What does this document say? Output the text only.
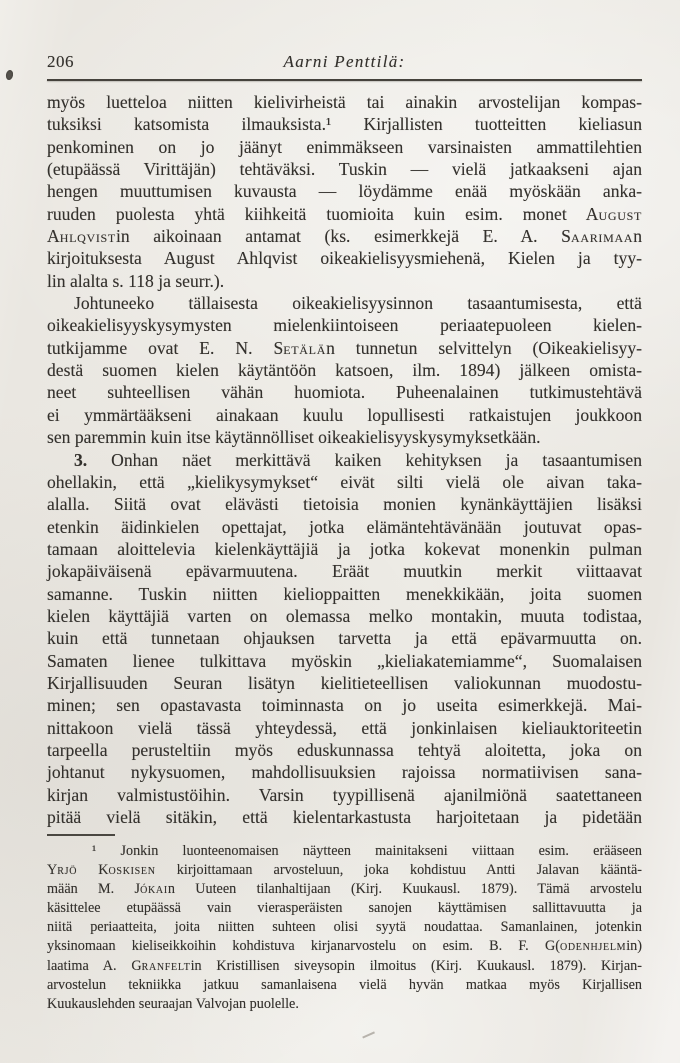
206	Aarni Penttilä:
myös luetteloa niitten kielivirheistä tai ainakin arvostelijan kompas-
tuksiksi katsomista ilmauksista.¹ Kirjallisten tuotteitten kieliasun
penkominen on jo jäänyt enimmäkseen varsinaisten ammattilehtien
(etupäässä Virittäjän) tehtäväksi. Tuskin — vielä jatkaakseni ajan
hengen muuttumisen kuvausta — löydämme enää myöskään anka-
ruuden puolesta yhtä kiihkeitä tuomioita kuin esim. monet August
Ahlqvistin aikoinaan antamat (ks. esimerkkejä E. A. Saarimaan
kirjoituksesta August Ahlqvist oikeakielisyysmiehenä, Kielen ja tyy-
lin alalta s. 118 ja seurr.).
Johtuneeko tällaisesta oikeakielisyysinnon tasaantumisesta, että
oikeakielisyyskysymysten mielenkiintoiseen periaatepuoleen kielen-
tutkijamme ovat E. N. Setälän tunnetun selvittelyn (Oikeakielisyy-
destä suomen kielen käytäntöön katsoen, ilm. 1894) jälkeen omista-
neet suhteellisen vähän huomiota. Puheenalainen tutkimustehtävä
ei ymmärtääkseni ainakaan kuulu lopullisesti ratkaistujen joukkoon
sen paremmin kuin itse käytännölliset oikeakielisyyskysymyksetkään.
3. Onhan näet merkittävä kaiken kehityksen ja tasaantumisen
ohellakin, että „kielikysymykset“ eivät silti vielä ole aivan taka-
alalla. Siitä ovat elävästi tietoisia monien kynänkäyttäjien lisäksi
etenkin äidinkielen opettajat, jotka elämäntehtävänään joutuvat opas-
tamaan aloittelevia kielenkäyttäjiä ja jotka kokevat monenkin pulman
jokapäiväisenä epävarmuutena. Eräät muutkin merkit viittaavat
samanne. Tuskin niitten kielioppaitten menekkikään, joita suomen
kielen käyttäjiä varten on olemassa melko montakin, muuta todistaa,
kuin että tunnetaan ohjauksen tarvetta ja että epävarmuutta on.
Samaten lienee tulkittava myöskin „kieliakatemiamme“, Suomalaisen
Kirjallisuuden Seuran lisätyn kielitieteellisen valiokunnan muodostu-
minen; sen opastavasta toiminnasta on jo useita esimerkkejä. Mai-
nittakoon vielä tässä yhteydessä, että jonkinlaisen kieliauktoriteetin
tarpeella perusteltiin myös eduskunnassa tehtyä aloitetta, joka on
johtanut nykysuomen, mahdollisuuksien rajoissa normatiivisen sana-
kirjan valmistustöihin. Varsin tyypillisenä ajanilmiönä saatettaneen
pitää vielä sitäkin, että kielentarkastusta harjoitetaan ja pidetään
¹ Jonkin luonteenomaisen näytteen mainitakseni viittaan esim. erääseen
Yrjö Koskisen kirjoittamaan arvosteluun, joka kohdistuu Antti Jalavan kääntä-
mään M. Jókain Uuteen tilanhaltijaan (Kirj. Kuukausl. 1879). Tämä arvostelu
käsittelee etupäässä vain vierasperäisten sanojen käyttämisen sallittavuutta ja
niitä periaatteita, joita niitten suhteen olisi syytä noudattaa. Samanlainen, jotenkin
yksinomaan kieliseikkoihin kohdistuva kirjanarvostelu on esim. B. F. G(odenhjelmin)
laatima A. Granfeltin Kristillisen siveysopin ilmoitus (Kirj. Kuukausl. 1879). Kirjan-
arvostelun tekniikka jatkuu samanlaisena vielä hyvän matkaa myös Kirjallisen
Kuukauslehden seuraajan Valvojan puolelle.
